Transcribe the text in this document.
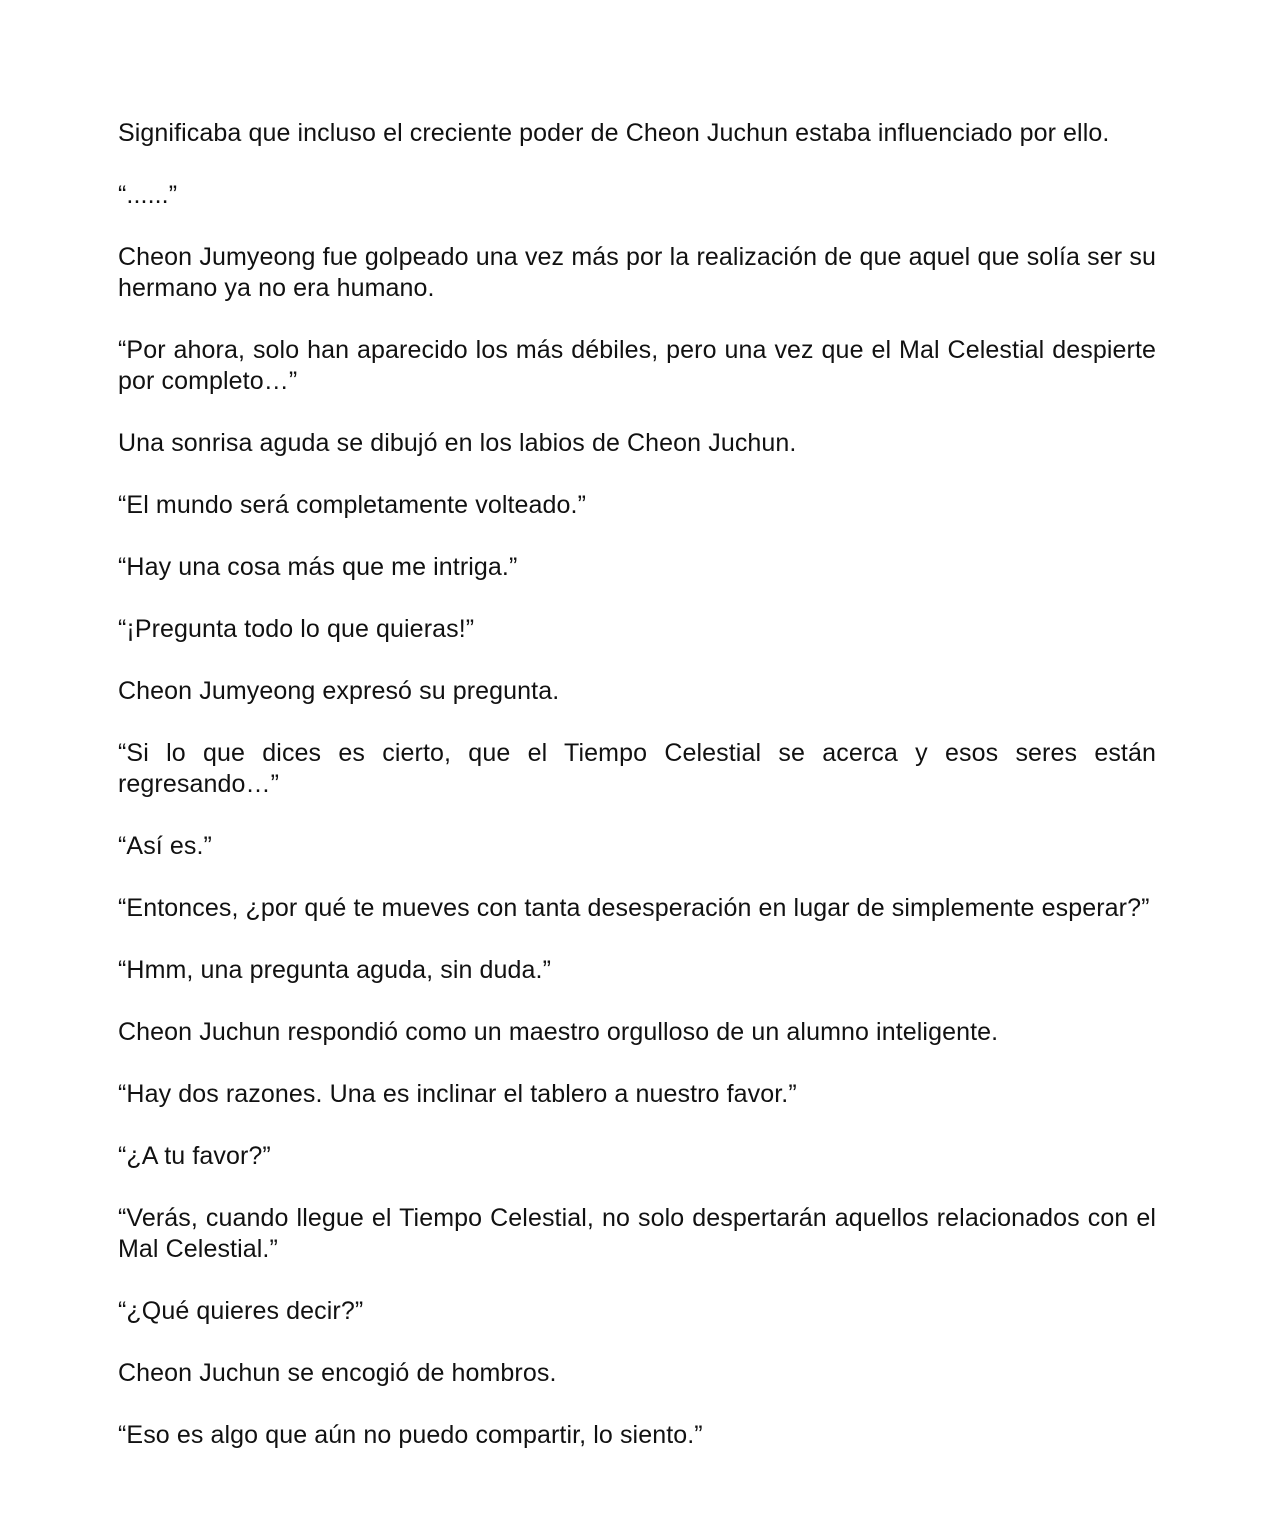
Significaba que incluso el creciente poder de Cheon Juchun estaba influenciado por ello.

“......”

Cheon Jumyeong fue golpeado una vez más por la realización de que aquel que solía ser su hermano ya no era humano.

“Por ahora, solo han aparecido los más débiles, pero una vez que el Mal Celestial despierte por completo…”

Una sonrisa aguda se dibujó en los labios de Cheon Juchun.

“El mundo será completamente volteado.”

“Hay una cosa más que me intriga.”

“¡Pregunta todo lo que quieras!”

Cheon Jumyeong expresó su pregunta.

“Si lo que dices es cierto, que el Tiempo Celestial se acerca y esos seres están regresando…”

“Así es.”

“Entonces, ¿por qué te mueves con tanta desesperación en lugar de simplemente esperar?”

“Hmm, una pregunta aguda, sin duda.”

Cheon Juchun respondió como un maestro orgulloso de un alumno inteligente.

“Hay dos razones. Una es inclinar el tablero a nuestro favor.”

“¿A tu favor?”

“Verás, cuando llegue el Tiempo Celestial, no solo despertarán aquellos relacionados con el Mal Celestial.”

“¿Qué quieres decir?”

Cheon Juchun se encogió de hombros.

“Eso es algo que aún no puedo compartir, lo siento.”
